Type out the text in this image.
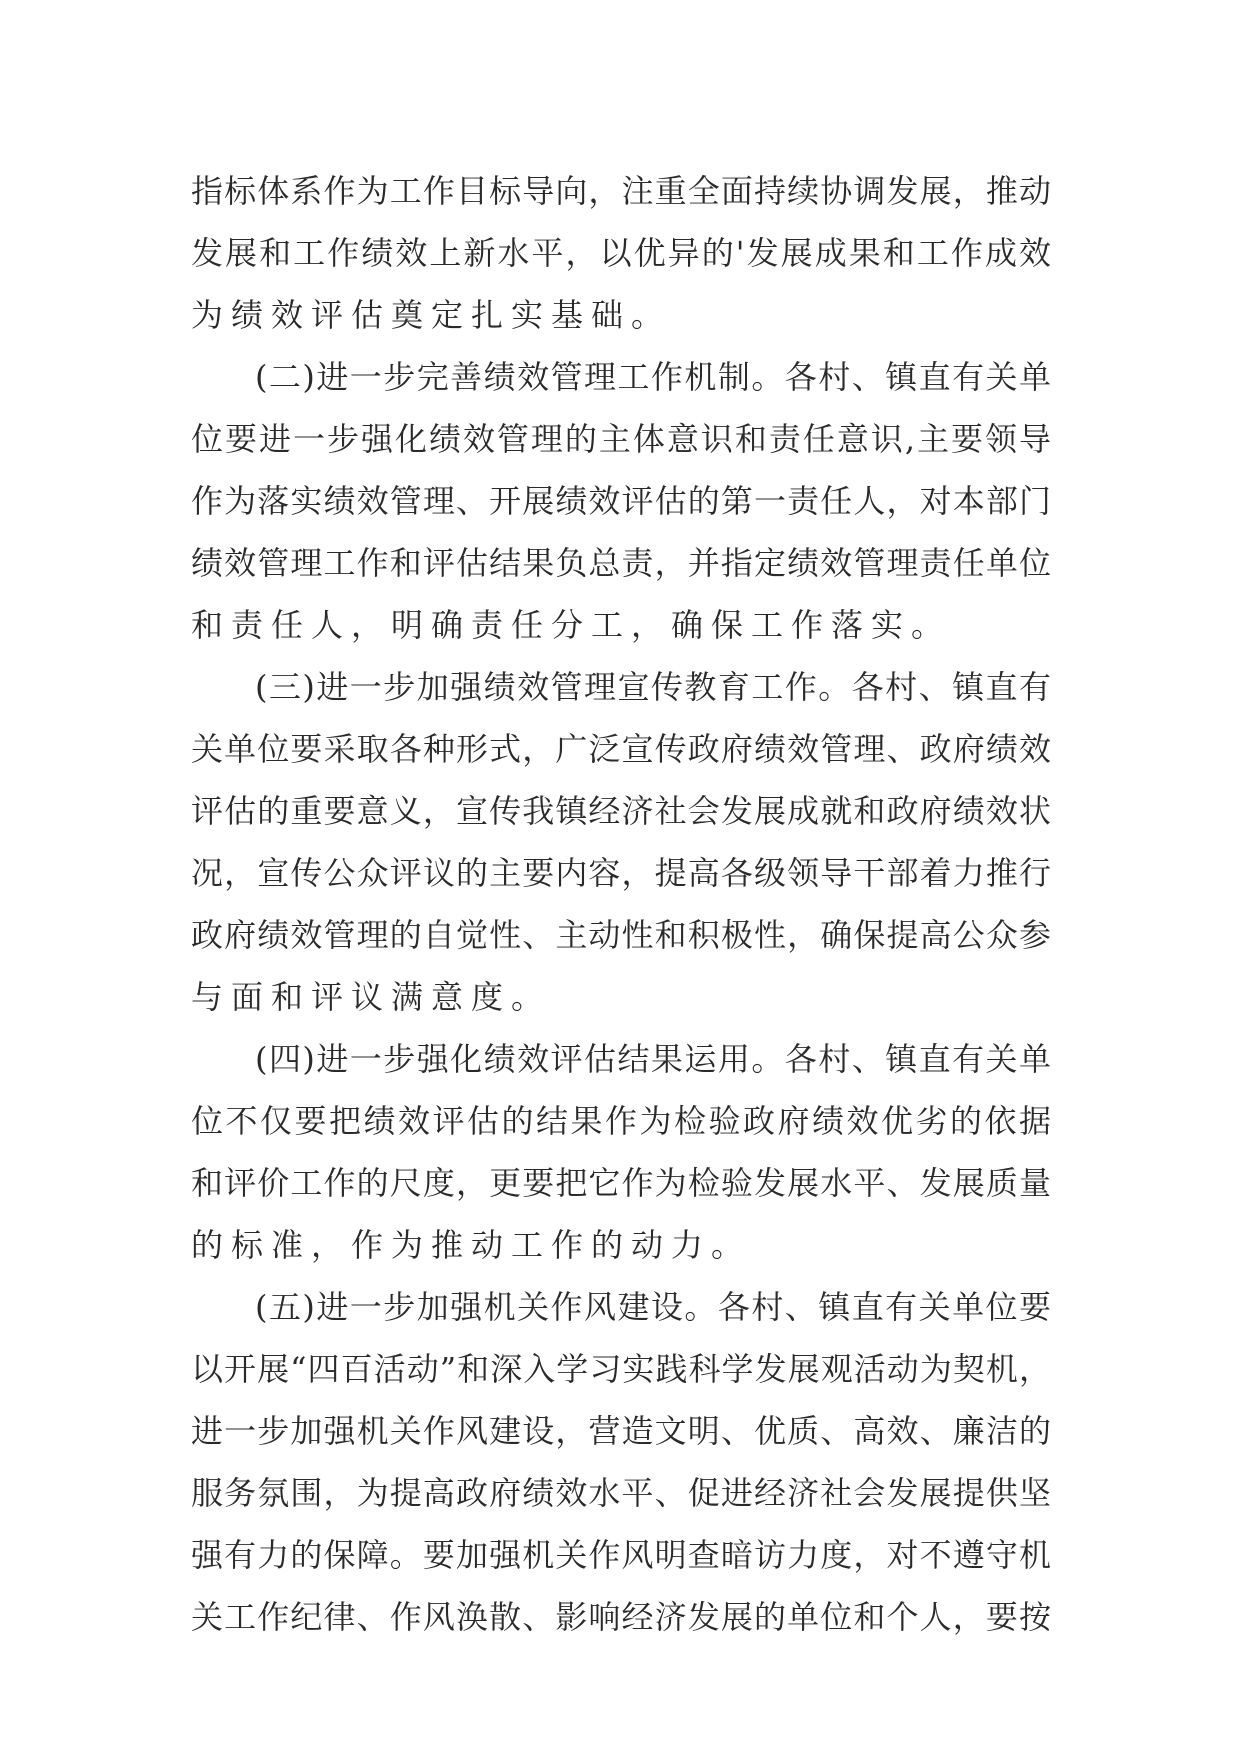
指标体系作为工作目标导向，注重全面持续协调发展，推动
发展和工作绩效上新水平，以优异的'发展成果和工作成效
为绩效评估奠定扎实基础。
(二)进一步完善绩效管理工作机制。各村、镇直有关单
位要进一步强化绩效管理的主体意识和责任意识,主要领导
作为落实绩效管理、开展绩效评估的第一责任人，对本部门
绩效管理工作和评估结果负总责，并指定绩效管理责任单位
和责任人，明确责任分工，确保工作落实。
(三)进一步加强绩效管理宣传教育工作。各村、镇直有
关单位要采取各种形式，广泛宣传政府绩效管理、政府绩效
评估的重要意义，宣传我镇经济社会发展成就和政府绩效状
况，宣传公众评议的主要内容，提高各级领导干部着力推行
政府绩效管理的自觉性、主动性和积极性，确保提高公众参
与面和评议满意度。
(四)进一步强化绩效评估结果运用。各村、镇直有关单
位不仅要把绩效评估的结果作为检验政府绩效优劣的依据
和评价工作的尺度，更要把它作为检验发展水平、发展质量
的标准，作为推动工作的动力。
(五)进一步加强机关作风建设。各村、镇直有关单位要
以开展“四百活动”和深入学习实践科学发展观活动为契机，
进一步加强机关作风建设，营造文明、优质、高效、廉洁的
服务氛围，为提高政府绩效水平、促进经济社会发展提供坚
强有力的保障。要加强机关作风明查暗访力度，对不遵守机
关工作纪律、作风涣散、影响经济发展的单位和个人，要按
